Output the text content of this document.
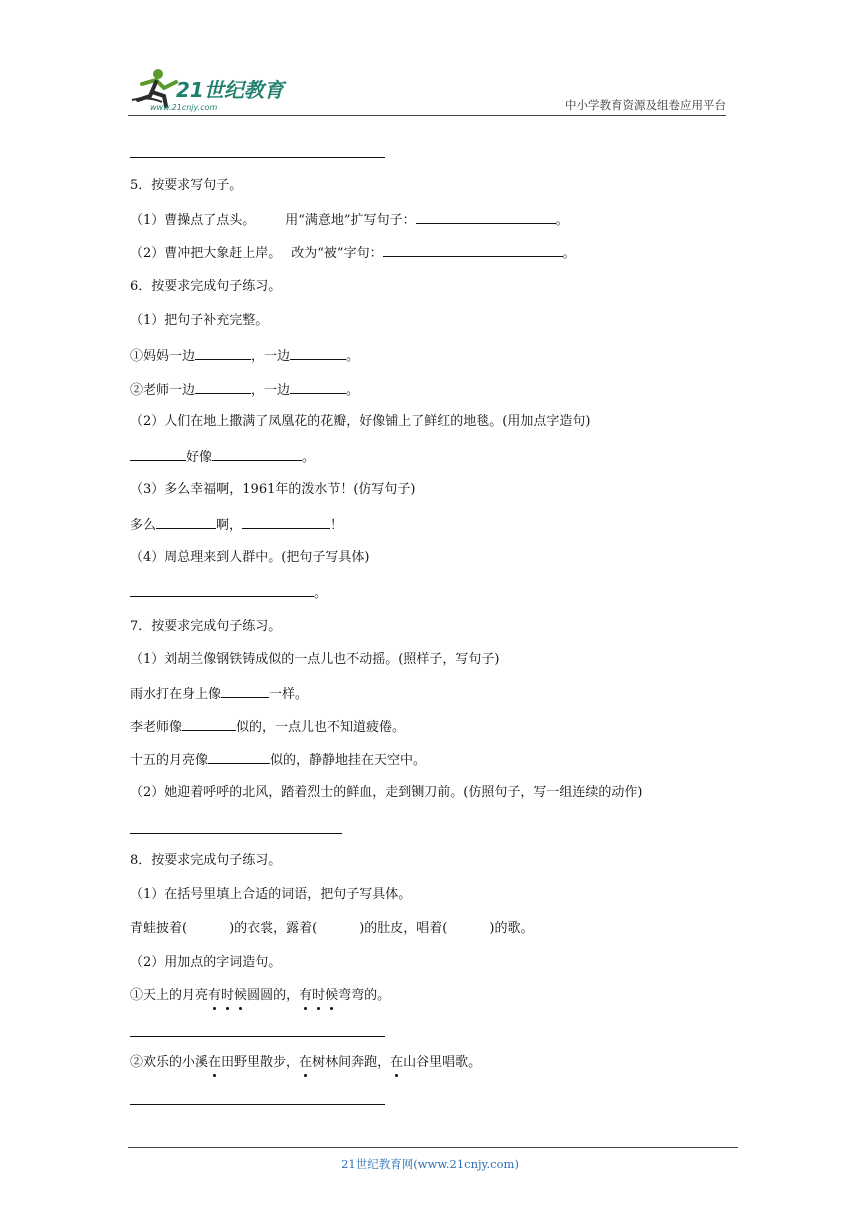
21世纪教育
www.21cnjy.com	中小学教育资源及组卷应用平台
5．按要求写句子。
（1）曹操点了点头。 用“满意地”扩写句子：	。
（2）曹冲把大象赶上岸。 改为“被”字句：	。
6．按要求完成句子练习。
（1）把句子补充完整。
①妈妈一边	，一边	。
②老师一边	，一边	。
（2）人们在地上撒满了凤凰花的花瓣，好像铺上了鲜红的地毯。(用加点字造句)
好像	。
（3）多么幸福啊，1961年的泼水节！(仿写句子)
多么	啊，	！
（4）周总理来到人群中。(把句子写具体)
。
7．按要求完成句子练习。
（1）刘胡兰像钢铁铸成似的一点儿也不动摇。(照样子，写句子)
雨水打在身上像	一样。
李老师像	似的，一点儿也不知道疲倦。
十五的月亮像	似的，静静地挂在天空中。
（2）她迎着呼呼的北风，踏着烈士的鲜血，走到铡刀前。(仿照句子，写一组连续的动作)
8．按要求完成句子练习。
（1）在括号里填上合适的词语，把句子写具体。
青蛙披着(	)的衣裳，露着(	)的肚皮，唱着(	)的歌。
（2）用加点的字词造句。
①天上的月亮有时候圆圆的，有时候弯弯的。
②欢乐的小溪在田野里散步，在树林间奔跑，在山谷里唱歌。
21世纪教育网(www.21cnjy.com)
